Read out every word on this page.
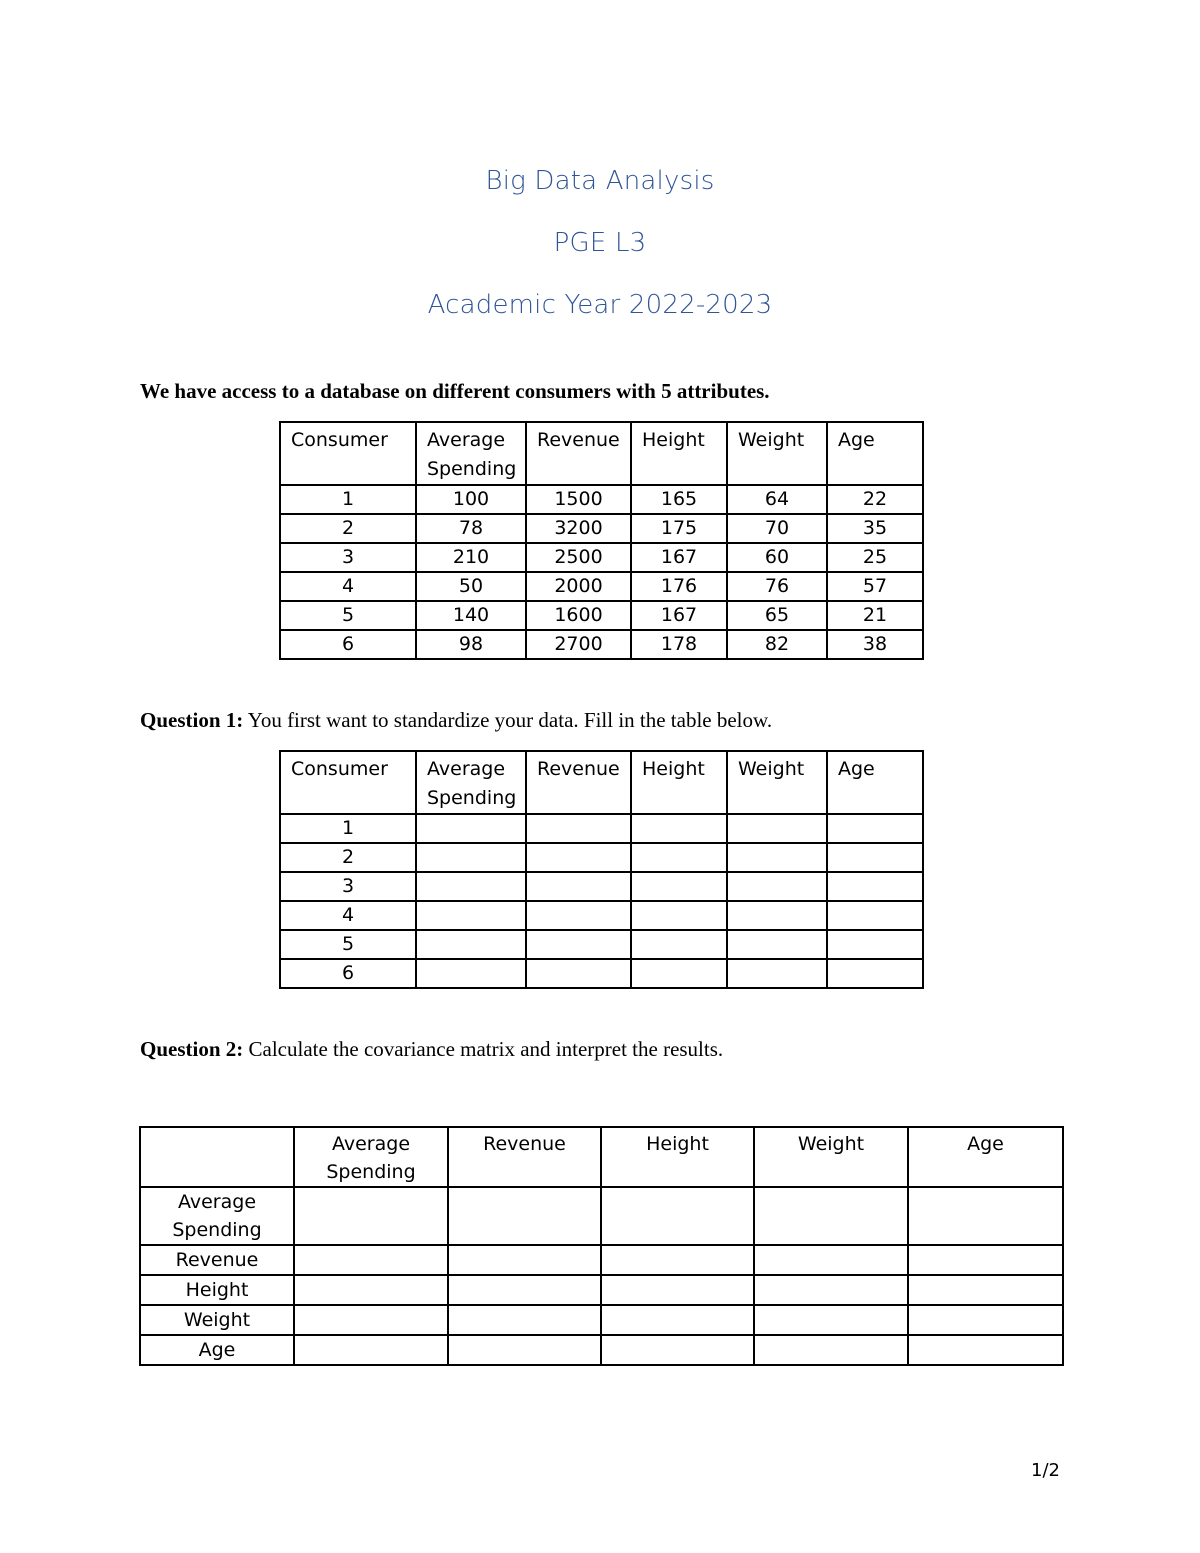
Big Data Analysis
PGE L3
Academic Year 2022-2023
We have access to a database on different consumers with 5 attributes.
Consumer	Average Spending	Revenue	Height	Weight	Age
1	100	1500	165	64	22
2	78	3200	175	70	35
3	210	2500	167	60	25
4	50	2000	176	76	57
5	140	1600	167	65	21
6	98	2700	178	82	38
Question 1: You first want to standardize your data. Fill in the table below.
Consumer	Average Spending	Revenue	Height	Weight	Age
1					
2					
3					
4					
5					
6					
Question 2: Calculate the covariance matrix and interpret the results.
	Average Spending	Revenue	Height	Weight	Age
Average Spending					
Revenue					
Height					
Weight					
Age					
1/2
